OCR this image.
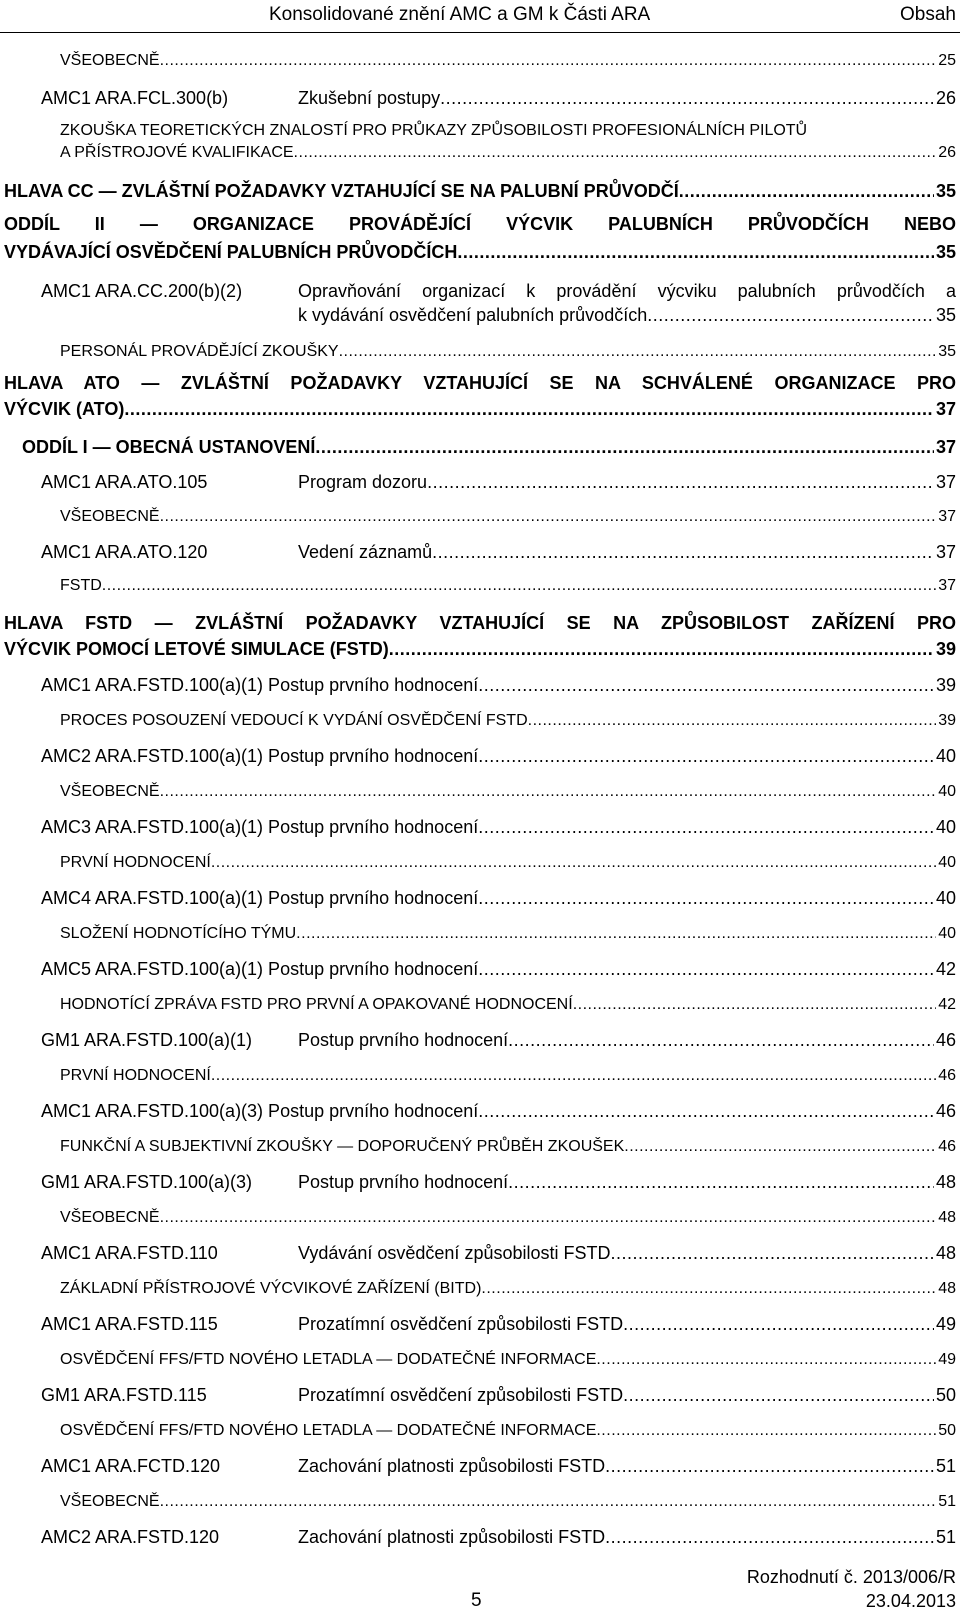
Konsolidované znění AMC a GM k Části ARA	Obsah
VŠEOBECNĚ .....	25
AMC1 ARA.FCL.300(b)	Zkušební postupy .....	26
ZKOUŠKA TEORETICKÝCH ZNALOSTÍ PRO PRŮKAZY ZPŮSOBILOSTI PROFESIONÁLNÍCH PILOTŮ
A PŘÍSTROJOVÉ KVALIFIKACE .....	26
HLAVA CC — ZVLÁŠTNÍ POŽADAVKY VZTAHUJÍCÍ SE NA PALUBNÍ PRŮVODČÍ .....	35
ODDÍL II — ORGANIZACE PROVÁDĚJÍCÍ VÝCVIK PALUBNÍCH PRŮVODČÍCH NEBO
VYDÁVAJÍCÍ OSVĚDČENÍ PALUBNÍCH PRŮVODČÍCH .....	35
AMC1 ARA.CC.200(b)(2)	Opravňování organizací k provádění výcviku palubních průvodčích a
k vydávání osvědčení palubních průvodčích .....	35
PERSONÁL PROVÁDĚJÍCÍ ZKOUŠKY .....	35
HLAVA ATO — ZVLÁŠTNÍ POŽADAVKY VZTAHUJÍCÍ SE NA SCHVÁLENÉ ORGANIZACE PRO
VÝCVIK (ATO) .....	37
ODDÍL I — OBECNÁ USTANOVENÍ .....	37
AMC1 ARA.ATO.105	Program dozoru .....	37
VŠEOBECNĚ .....	37
AMC1 ARA.ATO.120	Vedení záznamů .....	37
FSTD .....	37
HLAVA FSTD — ZVLÁŠTNÍ POŽADAVKY VZTAHUJÍCÍ SE NA ZPŮSOBILOST ZAŘÍZENÍ PRO
VÝCVIK POMOCÍ LETOVÉ SIMULACE (FSTD) .....	39
AMC1 ARA.FSTD.100(a)(1) Postup prvního hodnocení .....	39
PROCES POSOUZENÍ VEDOUCÍ K VYDÁNÍ OSVĚDČENÍ FSTD .....	39
AMC2 ARA.FSTD.100(a)(1) Postup prvního hodnocení .....	40
VŠEOBECNĚ .....	40
AMC3 ARA.FSTD.100(a)(1) Postup prvního hodnocení .....	40
PRVNÍ HODNOCENÍ .....	40
AMC4 ARA.FSTD.100(a)(1) Postup prvního hodnocení .....	40
SLOŽENÍ HODNOTÍCÍHO TÝMU .....	40
AMC5 ARA.FSTD.100(a)(1) Postup prvního hodnocení .....	42
HODNOTÍCÍ ZPRÁVA FSTD PRO PRVNÍ A OPAKOVANÉ HODNOCENÍ .....	42
GM1 ARA.FSTD.100(a)(1)	Postup prvního hodnocení .....	46
PRVNÍ HODNOCENÍ .....	46
AMC1 ARA.FSTD.100(a)(3) Postup prvního hodnocení .....	46
FUNKČNÍ A SUBJEKTIVNÍ ZKOUŠKY — DOPORUČENÝ PRŮBĚH ZKOUŠEK .....	46
GM1 ARA.FSTD.100(a)(3)	Postup prvního hodnocení .....	48
VŠEOBECNĚ .....	48
AMC1 ARA.FSTD.110	Vydávání osvědčení způsobilosti FSTD .....	48
ZÁKLADNÍ PŘÍSTROJOVÉ VÝCVIKOVÉ ZAŘÍZENÍ (BITD) .....	48
AMC1 ARA.FSTD.115	Prozatímní osvědčení způsobilosti FSTD .....	49
OSVĚDČENÍ FFS/FTD NOVÉHO LETADLA — DODATEČNÉ INFORMACE .....	49
GM1 ARA.FSTD.115	Prozatímní osvědčení způsobilosti FSTD .....	50
OSVĚDČENÍ FFS/FTD NOVÉHO LETADLA — DODATEČNÉ INFORMACE .....	50
AMC1 ARA.FCTD.120	Zachování platnosti způsobilosti FSTD .....	51
VŠEOBECNĚ .....	51
AMC2 ARA.FSTD.120	Zachování platnosti způsobilosti FSTD .....	51
5
Rozhodnutí č. 2013/006/R
23.04.2013
